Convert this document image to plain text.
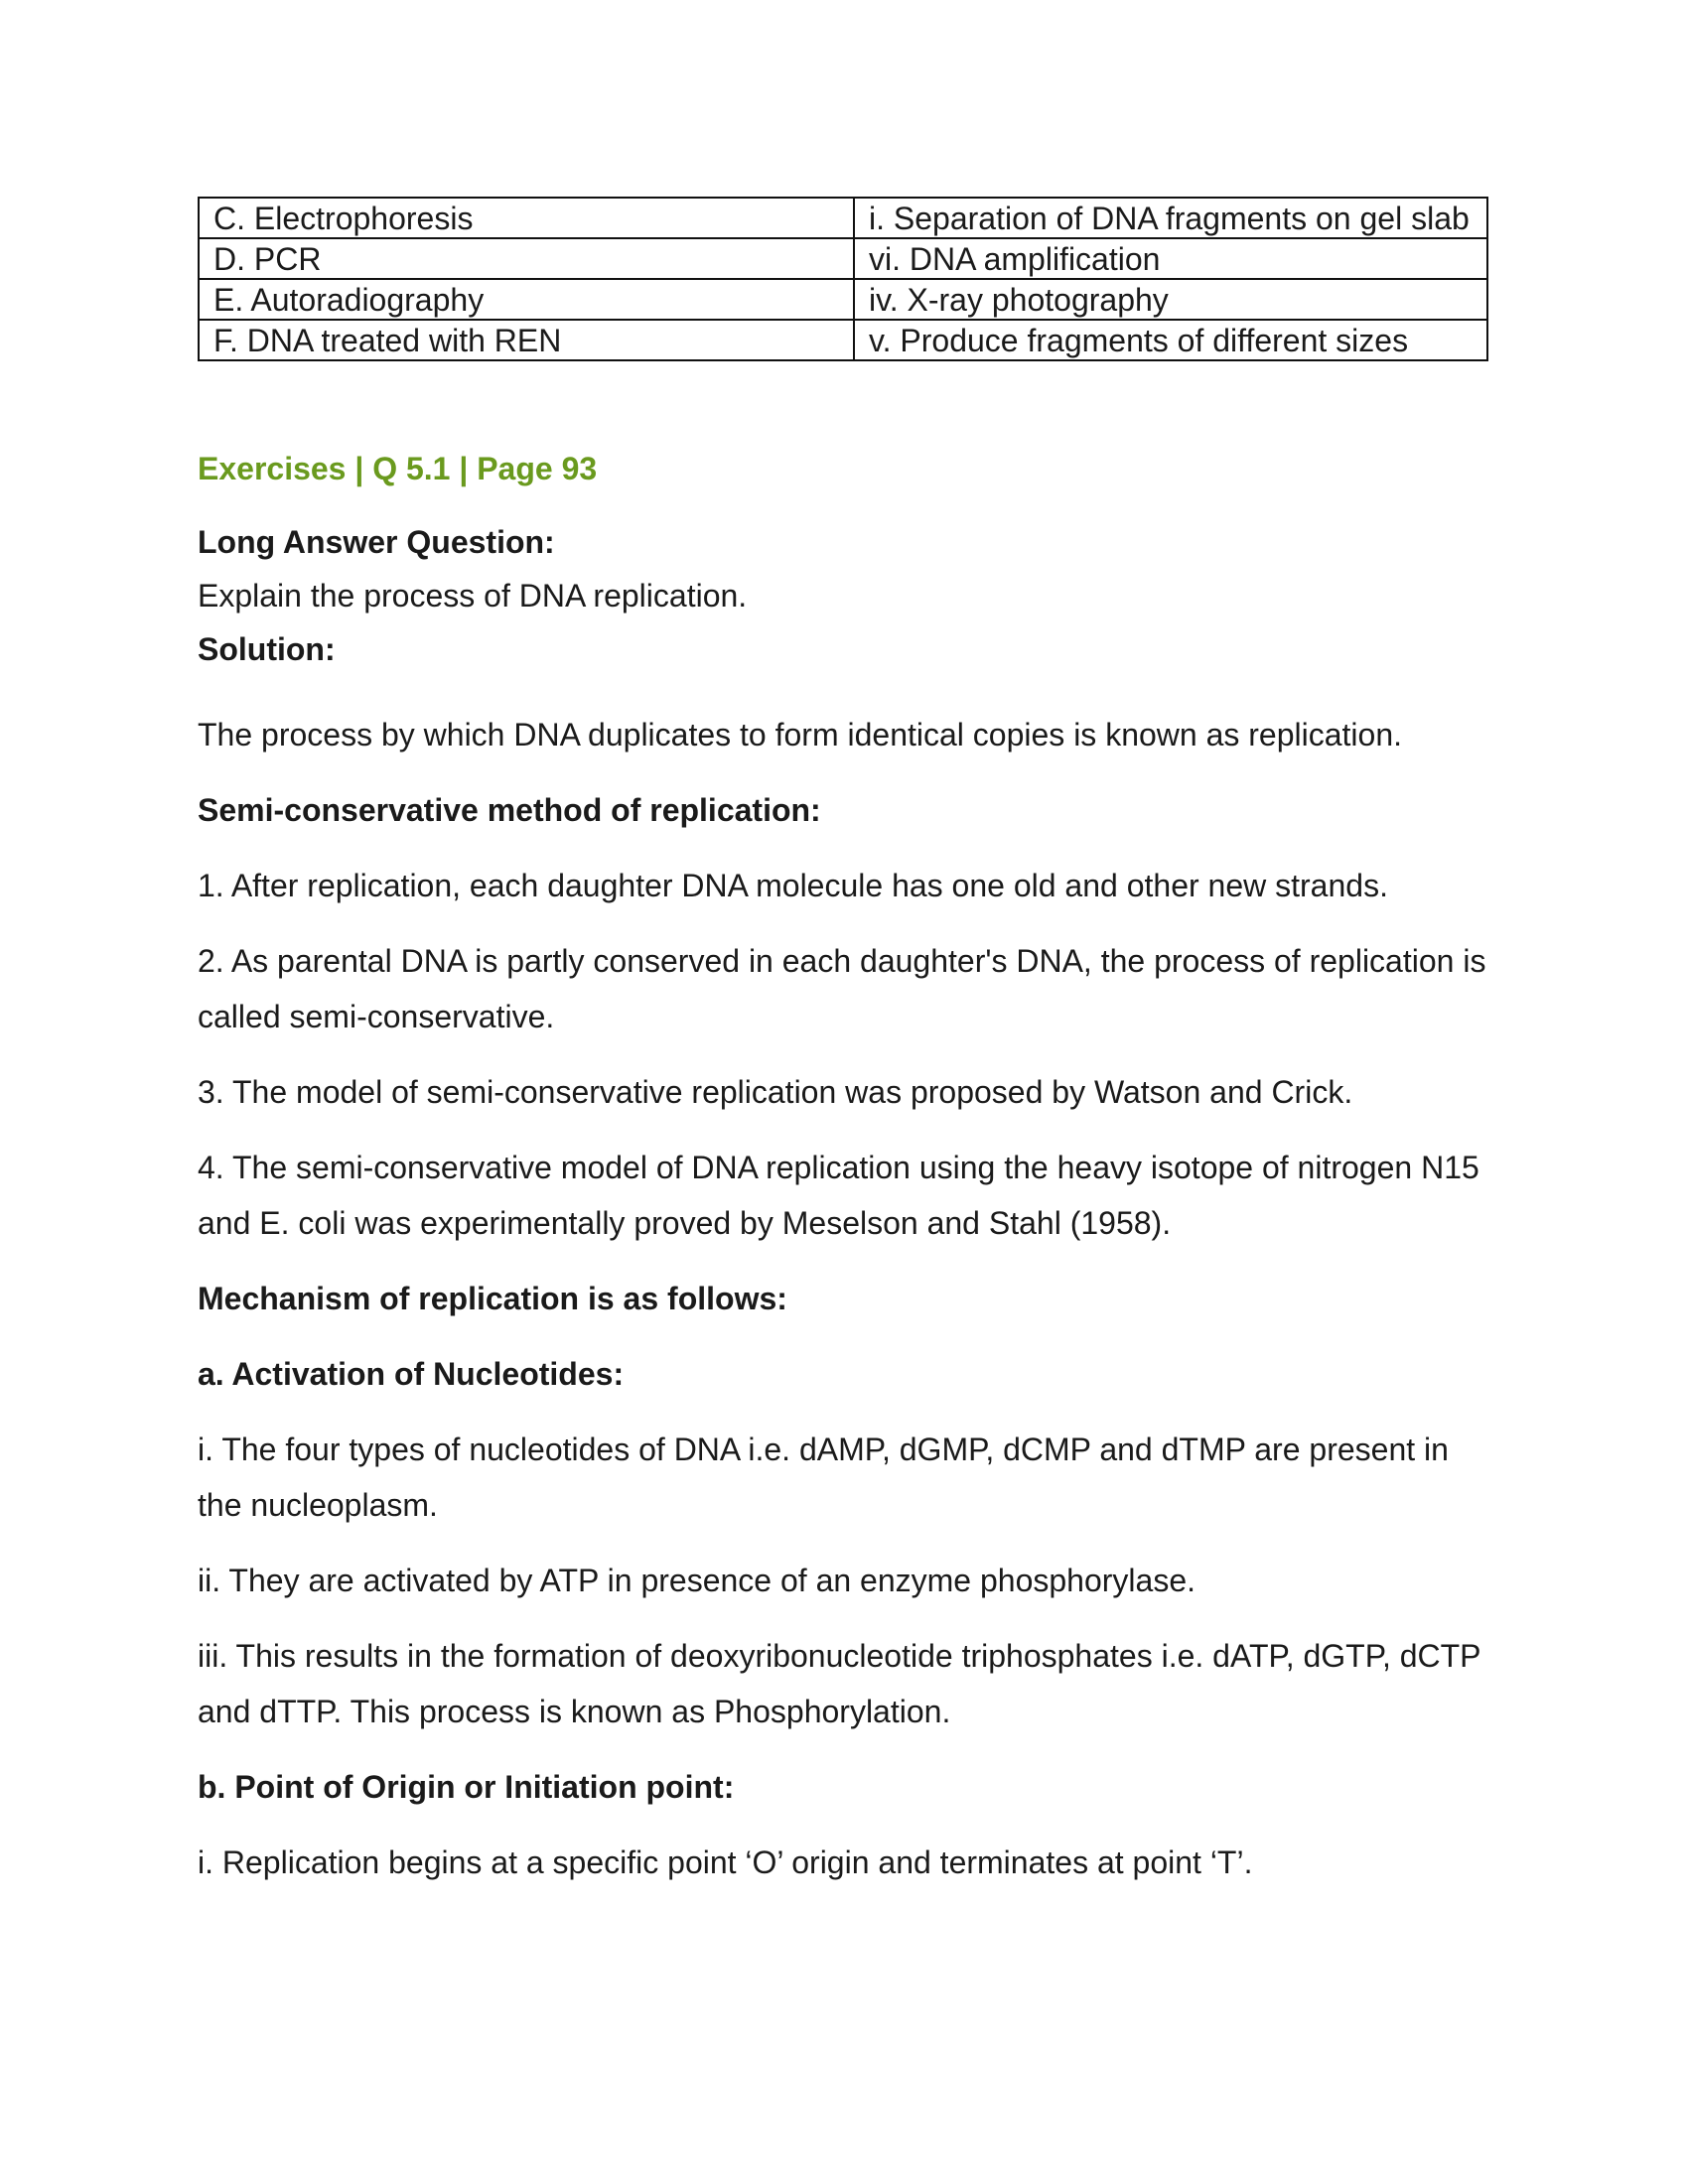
C. Electrophoresis	i. Separation of DNA fragments on gel slab
D. PCR	vi. DNA amplification
E. Autoradiography	iv. X-ray photography
F. DNA treated with REN	v. Produce fragments of different sizes
Exercises | Q 5.1 | Page 93
Long Answer Question:
Explain the process of DNA replication.
Solution:

The process by which DNA duplicates to form identical copies is known as replication.

Semi-conservative method of replication:

1. After replication, each daughter DNA molecule has one old and other new strands.

2. As parental DNA is partly conserved in each daughter's DNA, the process of replication is called semi-conservative.

3. The model of semi-conservative replication was proposed by Watson and Crick.

4. The semi-conservative model of DNA replication using the heavy isotope of nitrogen N15 and E. coli was experimentally proved by Meselson and Stahl (1958).

Mechanism of replication is as follows:

a. Activation of Nucleotides:

i. The four types of nucleotides of DNA i.e. dAMP, dGMP, dCMP and dTMP are present in the nucleoplasm.

ii. They are activated by ATP in presence of an enzyme phosphorylase.

iii. This results in the formation of deoxyribonucleotide triphosphates i.e. dATP, dGTP, dCTP and dTTP. This process is known as Phosphorylation.

b. Point of Origin or Initiation point:

i. Replication begins at a specific point ‘O’ origin and terminates at point ‘T’.
